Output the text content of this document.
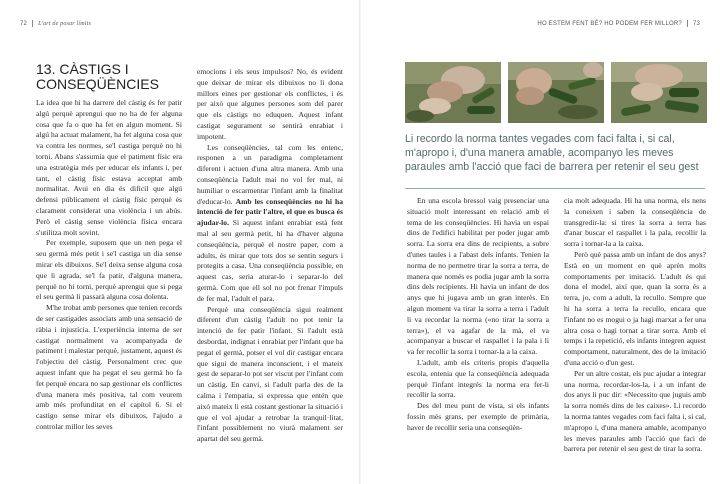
72 L'art de posar límits	HO ESTEM FENT BÉ? HO PODEM FER MILLOR? 73
13. CÀSTIGS I CONSEQÜÈNCIES

La idea que hi ha darrere del càstig és fer patir algú perquè aprengui que no ha de fer alguna cosa que fa o que ha fet en algun moment. Si algú ha actuat malament, ha fet alguna cosa que va contra les normes, se'l castiga perquè no hi torni. Abans s'assumia que el patiment físic era una estratègia més per educar els infants i, per tant, el càstig físic estava acceptat amb normalitat. Avui en dia és difícil que algú defensi públicament el càstig físic perquè és clarament considerat una violència i un abús. Però el càstig sense violència física encara s'utilitza molt sovint.

Per exemple, suposem que un nen pega el seu germà més petit i se'l castiga un dia sense mirar els dibuixos. Se'l deixa sense alguna cosa que li agrada, se'l fa patir, d'alguna manera, perquè no hi torni, perquè aprengui que si pega el seu germà li passarà alguna cosa dolenta.

M'he trobat amb persones que tenien records de ser castigades associats amb una sensació de ràbia i injustícia. L'experiència interna de ser castigat normalment va acompanyada de patiment i malestar perquè, justament, aquest és l'objectiu del càstig. Personalment crec que aquest infant que ha pegat el seu germà ho fa fet perquè encara no sap gestionar els conflictes d'una manera més positiva, tal com veurem amb més profunditat en el capítol 6. Si el castigo sense mirar els dibuixos, l'ajudo a controlar millor les seves

emocions i els seus impulsos? No, és evident que deixar de mirar els dibuixos no li dona millors eines per gestionar els conflictes, i és per això que algunes persones som del parer que els càstigs no eduquen. Aquest infant castigat segurament se sentirà enrabiat i impotent.

Les conseqüències, tal com les entenc, responen a un paradigma completament diferent i actuen d'una altra manera. Amb una conseqüència l'adult mai no vol fer mal, ni humiliar o escarmentar l'infant amb la finalitat d'educar-lo. Amb les conseqüències no hi ha intenció de fer patir l'altre, el que es busca és ajudar-lo. Si aquest infant enrabiat està fent mal al seu germà petit, hi ha d'haver alguna conseqüència, perquè el nostre paper, com a adults, és mirar que tots dos se sentin segurs i protegits a casa. Una conseqüència possible, en aquest cas, seria aturar-lo i separar-lo del germà. Com que ell sol no pot frenar l'impuls de fer mal, l'adult el para.

Perquè una conseqüència sigui realment diferent d'un càstig l'adult no pot tenir la intenció de fer patir l'infant. Si l'adult està desbordat, indignat i enrabiat per l'infant que ha pegat el germà, potser el vol dir castigar encara que sigui de manera inconscient, i el mateix gest de separar-lo pot ser viscut per l'infant com un càstig. En canvi, si l'adult parla des de la calma i l'empatia, si expressa que entén que aixó mateix li està costant gestionar la situació i que el vol ajudar a retrobar la tranquil·litat, l'infant possiblement no viurà malament ser apartat del seu germà.

Li recordo la norma tantes vegades com faci falta i, si cal, m'apropo i, d'una manera amable, acompanyo les meves paraules amb l'acció que faci de barrera per retenir el seu gest

En una escola bressol vaig presenciar una situació molt interessant en relació amb el tema de les conseqüències. Hi havia un espai dins de l'edifici habilitat per poder jugar amb sorra. La sorra era dins de recipients, a sobre d'unes taules i a l'abast dels infants. Tenien la norma de no permetre tirar la sorra a terra, de manera que només es podia jugar amb la sorra dins dels recipients. Hi havia un infant de dos anys que hi jugava amb un gran interès. En algun moment va tirar la sorra a terra i l'adult li va recordar la norma («no tirar la sorra a terra»), el va agafar de la mà, el va acompanyar a buscar el raspallet i la pala i li va fer recollir la sorra i tornar-la a la caixa.

L'adult, amb els criteris propis d'aquella escola, entenia que la conseqüència adequada perquè l'infant integrés la norma era fer-li recollir la sorra.

Des del meu punt de vista, si els infants fossin més grans, per exemple de primària, haver de recollir seria una conseqüèn-

cia molt adequada. Hi ha una norma, els nens la coneixen i saben la conseqüència de transgredir-la: si tires la sorra a terra has d'anar buscar el raspallet i la pala, recollir la sorra i tornar-la a la caixa.

Però què passa amb un infant de dos anys? Està en un moment en què aprèn molts comportaments per imitació. L'adult és qui dona el model, així que, quan la sorra és a terra, jo, com a adult, la recullo. Sempre que hi ha sorra a terra la recullo, encara que l'infant no es mogui o ja hagi marxat a fer una altra cosa o hagi tornat a tirar sorra. Amb el temps i la repetició, els infants integren aquest comportament, naturalment, des de la imitació d'una acció o d'un gest.

Per un altre costat, els puc ajudar a integrar una norma, recordar-los-la, i a un infant de dos anys li puc dir: «Necessito que juguis amb la sorra només dins de les caixes». Li recordo la norma tantes vegades com faci falta i, si cal, m'apropo i, d'una manera amable, acompanyo les meves paraules amb l'acció que faci de barrera per retenir el seu gest de tirar la sorra.
